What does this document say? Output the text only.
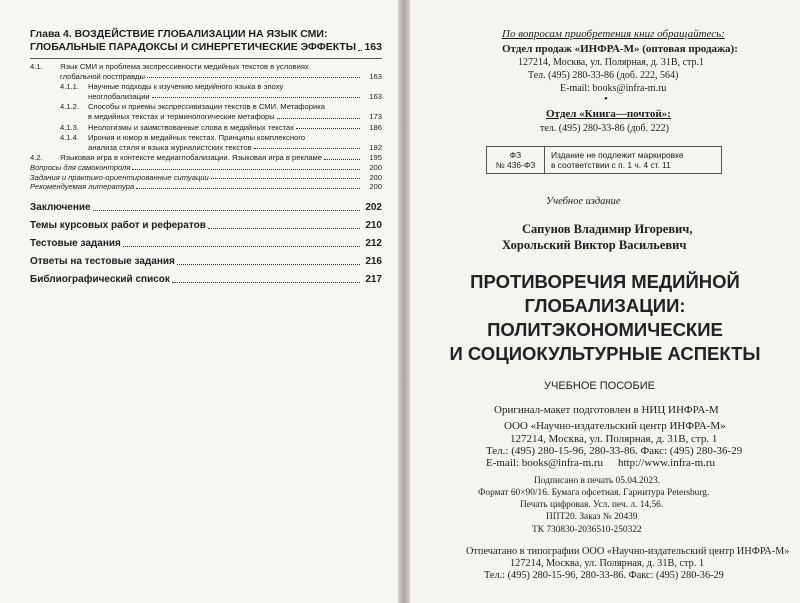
Глава 4. ВОЗДЕЙСТВИЕ ГЛОБАЛИЗАЦИИ НА ЯЗЫК СМИ:
ГЛОБАЛЬНЫЕ ПАРАДОКСЫ И СИНЕРГЕТИЧЕСКИЕ ЭФФЕКТЫ 163
4.1.	Язык СМИ и проблема экспрессивности медийных текстов в условиях

глобальной постправды	163
4.1.1.	Научные подходы к изучению медийного языка в эпоху

неоглобализации	163
4.1.2.	Способы и приемы экспрессивизации текстов в СМИ. Метафорика

в медийных текстах и терминологические метафоры	173
4.1.3.	Неологизмы и заимствованные слова в медийных текстах	186
4.1.4.	Ирония и юмор в медийных текстах. Принципы комплексного

анализа стиля и языка журналистских текстов	192
4.2.	Языковая игра в контексте медиаглобализации. Языковая игра в рекламе	195
Вопросы для самоконтроля	200
Задания и практико-ориентированные ситуации	200
Рекомендуемая литература	200
Заключение	202
Темы курсовых работ и рефератов	210
Тестовые задания	212
Ответы на тестовые задания	216
Библиографический список	217
По вопросам приобретения книг обращайтесь:
Отдел продаж «ИНФРА-М» (оптовая продажа):
127214, Москва, ул. Полярная, д. 31В, стр.1
Тел. (495) 280-33-86 (доб. 222, 564)
E-mail: books@infra-m.ru
•
Отдел «Книга—почтой»:
тел. (495) 280-33-86 (доб. 222)
ФЗ
№ 436-ФЗ
Издание не подлежит маркировке
в соответствии с п. 1 ч. 4 ст. 11
Учебное издание
Сапунов Владимир Игоревич,
Хорольский Виктор Васильевич
ПРОТИВОРЕЧИЯ МЕДИЙНОЙ
ГЛОБАЛИЗАЦИИ:
ПОЛИТЭКОНОМИЧЕСКИЕ
И СОЦИОКУЛЬТУРНЫЕ АСПЕКТЫ
УЧЕБНОЕ ПОСОБИЕ
Оригинал-макет подготовлен в НИЦ ИНФРА-М
ООО «Научно-издательский центр ИНФРА-М»
127214, Москва, ул. Полярная, д. 31В, стр. 1
Тел.: (495) 280-15-96, 280-33-86. Факс: (495) 280-36-29
E-mail: books@infra-m.ru http://www.infra-m.ru
Подписано в печать 05.04.2023.
Формат 60×90/16. Бумага офсетная. Гарнитура Petersburg.
Печать цифровая. Усл. печ. л. 14,56.
ППТ20. Заказ № 20439
ТК 730830-2036510-250322
Отпечатано в типографии ООО «Научно-издательский центр ИНФРА-М»
127214, Москва, ул. Полярная, д. 31В, стр. 1
Тел.: (495) 280-15-96, 280-33-86. Факс: (495) 280-36-29
